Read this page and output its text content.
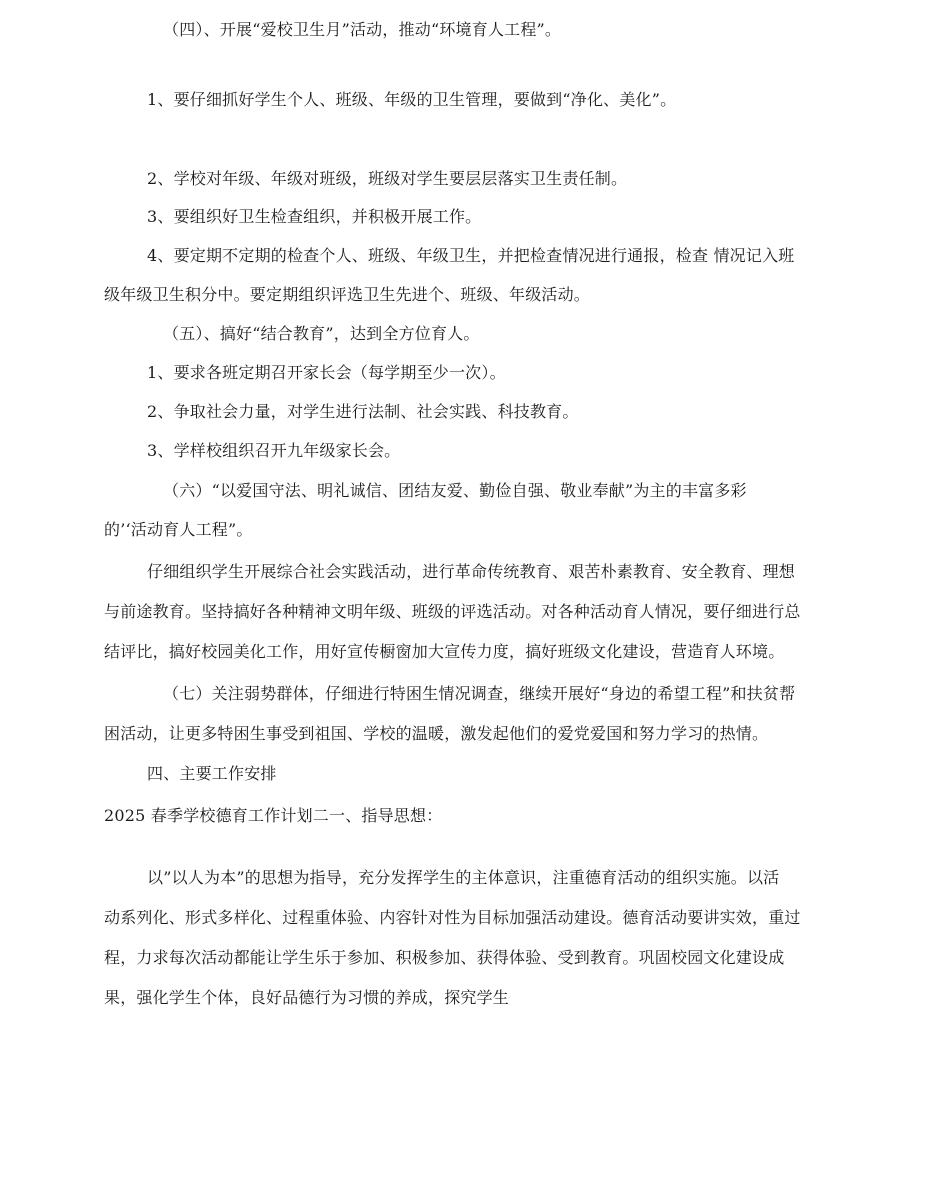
（四）、开展“爱校卫生月”活动，推动“环境育人工程”。
1、要仔细抓好学生个人、班级、年级的卫生管理，要做到“净化、美化”。
2、学校对年级、年级对班级，班级对学生要层层落实卫生责任制。
3、要组织好卫生检查组织，并积极开展工作。
4、要定期不定期的检查个人、班级、年级卫生，并把检查情况进行通报，检查 情况记入班
级年级卫生积分中。要定期组织评选卫生先进个、班级、年级活动。
（五）、搞好“结合教育”，达到全方位育人。
1、要求各班定期召开家长会（每学期至少一次）。
2、争取社会力量，对学生进行法制、社会实践、科技教育。
3、学样校组织召开九年级家长会。
（六）“以爱国守法、明礼诚信、团结友爱、勤俭自强、敬业奉献”为主的丰富多彩
的’‘活动育人工程”。
仔细组织学生开展综合社会实践活动，进行革命传统教育、艰苦朴素教育、安全教育、理想
与前途教育。坚持搞好各种精神文明年级、班级的评选活动。对各种活动育人情况，要仔细进行总
结评比，搞好校园美化工作，用好宣传橱窗加大宣传力度，搞好班级文化建设，营造育人环境。
（七）关注弱势群体，仔细进行特困生情况调查，继续开展好“身边的希望工程”和扶贫帮
困活动，让更多特困生事受到祖国、学校的温暖，激发起他们的爱党爱国和努力学习的热情。
四、主要工作安排
2025 春季学校德育工作计划二一、指导思想：
以”以人为本”的思想为指导，充分发挥学生的主体意识，注重德育活动的组织实施。以活
动系列化、形式多样化、过程重体验、内容针对性为目标加强活动建设。德育活动要讲实效，重过
程，力求每次活动都能让学生乐于参加、积极参加、获得体验、受到教育。巩固校园文化建设成
果，强化学生个体，良好品德行为习惯的养成，探究学生
